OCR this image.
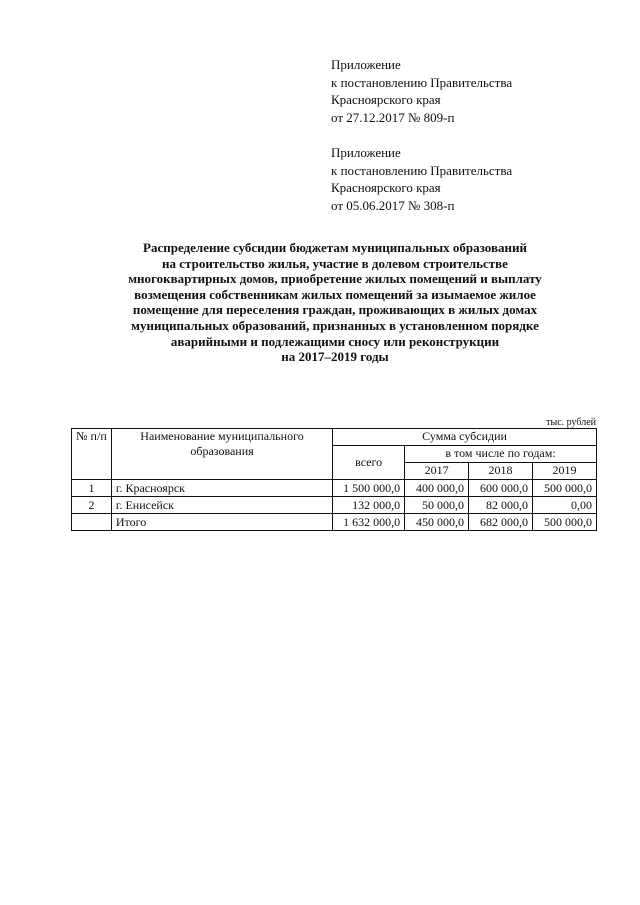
Приложение
к постановлению Правительства
Красноярского края
от 27.12.2017 № 809-п
Приложение
к постановлению Правительства
Красноярского края
от 05.06.2017 № 308-п
Распределение субсидии бюджетам муниципальных образований
на строительство жилья, участие в долевом строительстве
многоквартирных домов, приобретение жилых помещений и выплату
возмещения собственникам жилых помещений за изымаемое жилое
помещение для переселения граждан, проживающих в жилых домах
муниципальных образований, признанных в установленном порядке
аварийными и подлежащими сносу или реконструкции
на 2017–2019 годы
тыс. рублей
№ п/п	Наименование муниципального образования	Сумма субсидии			
		всего	в том числе по годам:		
			2017	2018	2019
1	г. Красноярск	1 500 000,0	400 000,0	600 000,0	500 000,0
2	г. Енисейск	132 000,0	50 000,0	82 000,0	0,00
	Итого	1 632 000,0	450 000,0	682 000,0	500 000,0
